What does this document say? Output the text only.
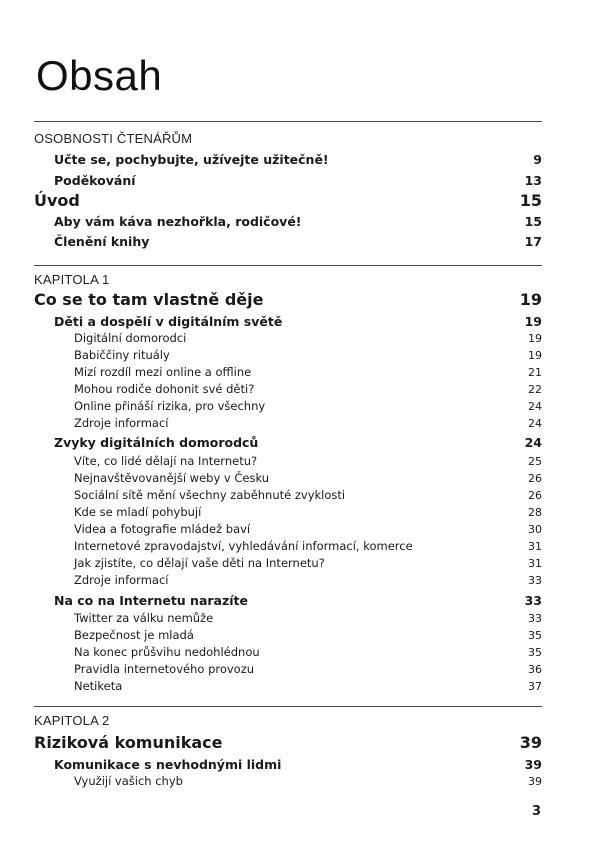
Obsah
OSOBNOSTI ČTENÁŘŮM
Učte se, pochybujte, užívejte užitečně!	9
Poděkování	13
Úvod	15
Aby vám káva nezhořkla, rodičové!	15
Členění knihy	17
KAPITOLA 1
Co se to tam vlastně děje	19
Děti a dospělí v digitálním světě	19
Digitální domorodci	19
Babiččiny rituály	19
Mizí rozdíl mezi online a offline	21
Mohou rodiče dohonit své děti?	22
Online přináší rizika, pro všechny	24
Zdroje informací	24
Zvyky digitálních domorodců	24
Víte, co lidé dělají na Internetu?	25
Nejnavštěvovanější weby v Česku	26
Sociální sítě mění všechny zaběhnuté zvyklosti	26
Kde se mladí pohybují	28
Videa a fotografie mládež baví	30
Internetové zpravodajství, vyhledávání informací, komerce	31
Jak zjistíte, co dělají vaše děti na Internetu?	31
Zdroje informací	33
Na co na Internetu narazíte	33
Twitter za válku nemůže	33
Bezpečnost je mladá	35
Na konec průšvihu nedohlédnou	35
Pravidla internetového provozu	36
Netiketa	37
KAPITOLA 2
Riziková komunikace	39
Komunikace s nevhodnými lidmi	39
Využijí vašich chyb	39
3
